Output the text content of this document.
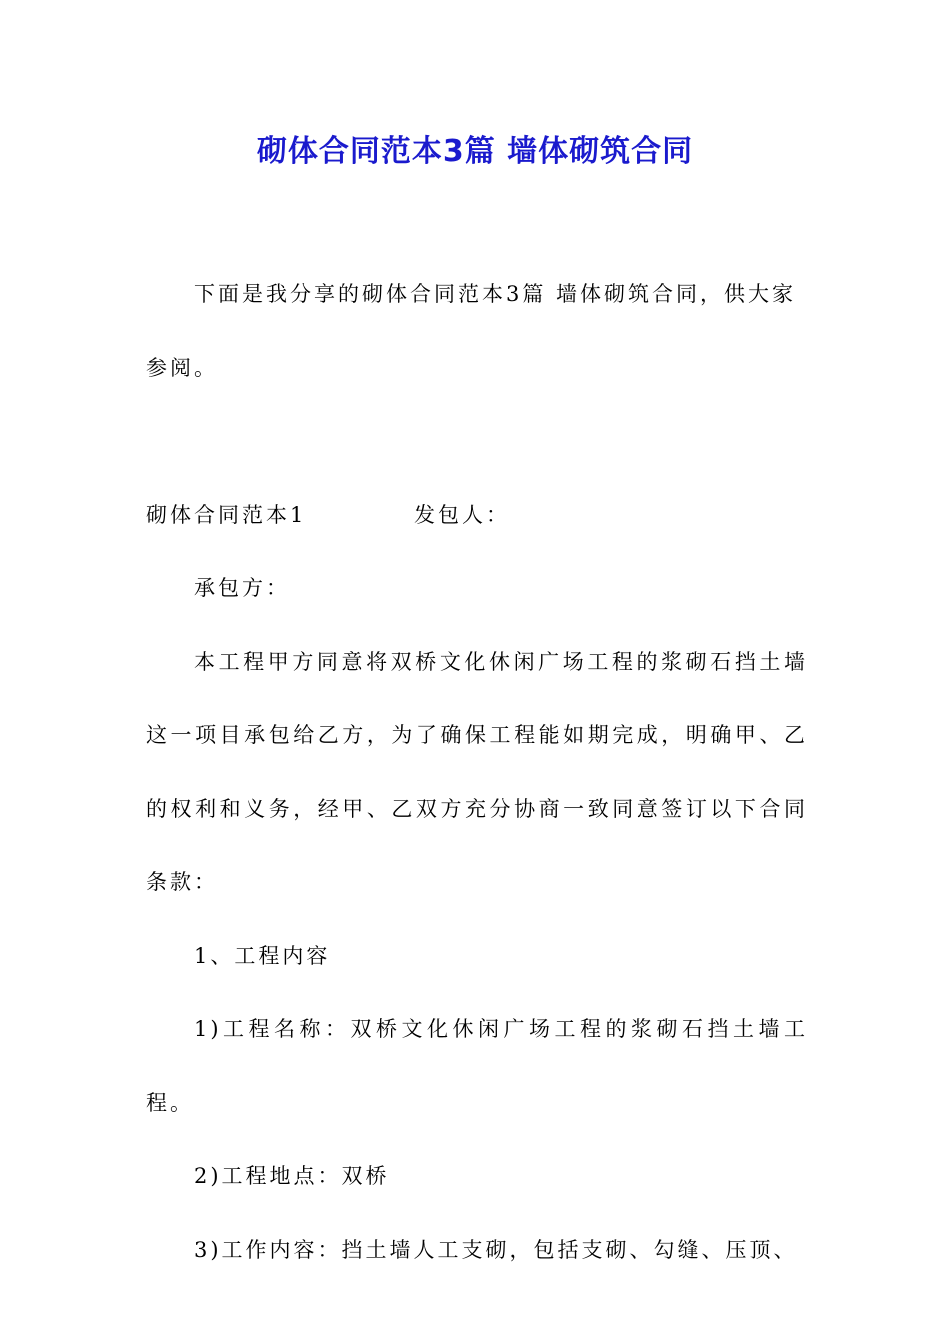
砌体合同范本3篇 墙体砌筑合同

下面是我分享的砌体合同范本3篇 墙体砌筑合同，供大家

参阅。

砌体合同范本1	发包人：

承包方：

本工程甲方同意将双桥文化休闲广场工程的浆砌石挡土墙这一项目承包给乙方，为了确保工程能如期完成，明确甲、乙的权利和义务，经甲、乙双方充分协商一致同意签订以下合同条款：

1、工程内容

1)工程名称：双桥文化休闲广场工程的浆砌石挡土墙工程。

2)工程地点：双桥

3)工作内容：挡土墙人工支砌，包括支砌、勾缝、压顶、
